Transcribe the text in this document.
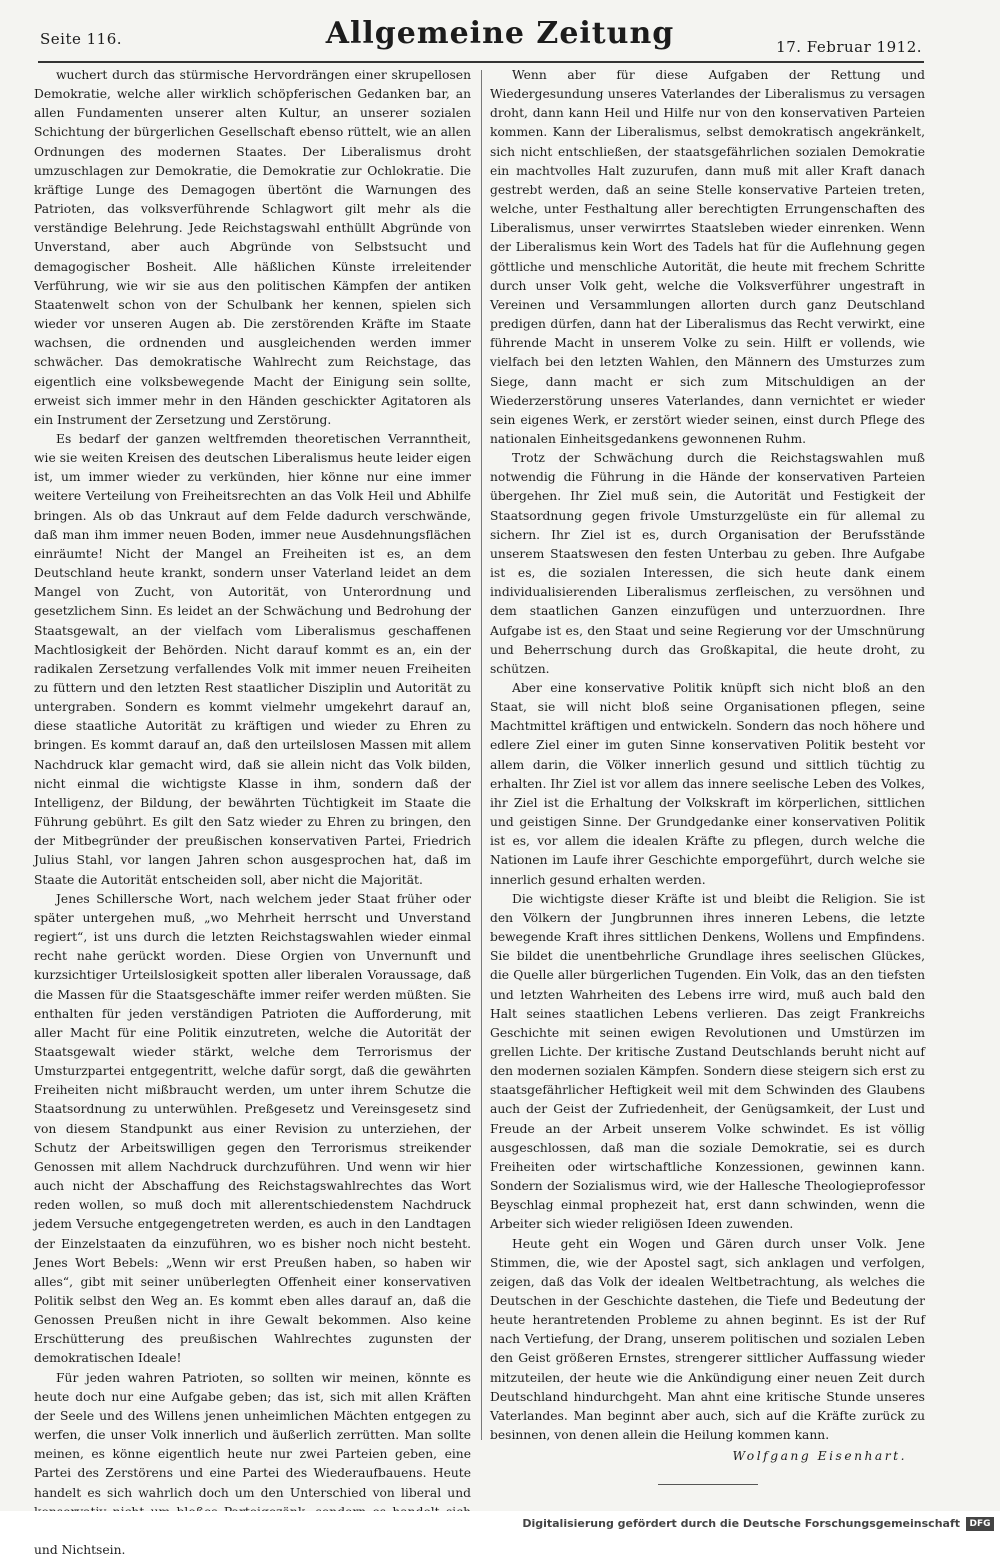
Seite 116.	Allgemeine Zeitung	17. Februar 1912.

wuchert durch das stürmische Hervordrängen einer skrupellosen Demokratie, welche aller wirklich schöpferischen Gedanken bar, an allen Fundamenten unserer alten Kultur, an unserer sozialen Schichtung der bürgerlichen Gesellschaft ebenso rüttelt, wie an allen Ordnungen des modernen Staates. Der Liberalismus droht umzuschlagen zur Demokratie, die Demokratie zur Ochlokratie. Die kräftige Lunge des Demagogen übertönt die Warnungen des Patrioten, das volksverführende Schlagwort gilt mehr als die verständige Belehrung. Jede Reichstagswahl enthüllt Abgründe von Unverstand, aber auch Abgründe von Selbstsucht und demagogischer Bosheit. Alle häßlichen Künste irreleitender Verführung, wie wir sie aus den politischen Kämpfen der antiken Staatenwelt schon von der Schulbank her kennen, spielen sich wieder vor unseren Augen ab. Die zerstörenden Kräfte im Staate wachsen, die ordnenden und ausgleichenden werden immer schwächer. Das demokratische Wahlrecht zum Reichstage, das eigentlich eine volksbewegende Macht der Einigung sein sollte, erweist sich immer mehr in den Händen geschickter Agitatoren als ein Instrument der Zersetzung und Zerstörung.

Es bedarf der ganzen weltfremden theoretischen Verranntheit, wie sie weiten Kreisen des deutschen Liberalismus heute leider eigen ist, um immer wieder zu verkünden, hier könne nur eine immer weitere Verteilung von Freiheitsrechten an das Volk Heil und Abhilfe bringen. Als ob das Unkraut auf dem Felde dadurch verschwände, daß man ihm immer neuen Boden, immer neue Ausdehnungsflächen einräumte! Nicht der Mangel an Freiheiten ist es, an dem Deutschland heute krankt, sondern unser Vaterland leidet an dem Mangel von Zucht, von Autorität, von Unterordnung und gesetzlichem Sinn. Es leidet an der Schwächung und Bedrohung der Staatsgewalt, an der vielfach vom Liberalismus geschaffenen Machtlosigkeit der Behörden. Nicht darauf kommt es an, ein der radikalen Zersetzung verfallendes Volk mit immer neuen Freiheiten zu füttern und den letzten Rest staatlicher Disziplin und Autorität zu untergraben. Sondern es kommt vielmehr umgekehrt darauf an, diese staatliche Autorität zu kräftigen und wieder zu Ehren zu bringen. Es kommt darauf an, daß den urteilslosen Massen mit allem Nachdruck klar gemacht wird, daß sie allein nicht das Volk bilden, nicht einmal die wichtigste Klasse in ihm, sondern daß der Intelligenz, der Bildung, der bewährten Tüchtigkeit im Staate die Führung gebührt. Es gilt den Satz wieder zu Ehren zu bringen, den der Mitbegründer der preußischen konservativen Partei, Friedrich Julius Stahl, vor langen Jahren schon ausgesprochen hat, daß im Staate die Autorität entscheiden soll, aber nicht die Majorität.

Jenes Schillersche Wort, nach welchem jeder Staat früher oder später untergehen muß, „wo Mehrheit herrscht und Unverstand regiert“, ist uns durch die letzten Reichstagswahlen wieder einmal recht nahe gerückt worden. Diese Orgien von Unvernunft und kurzsichtiger Urteilslosigkeit spotten aller liberalen Voraussage, daß die Massen für die Staatsgeschäfte immer reifer werden müßten. Sie enthalten für jeden verständigen Patrioten die Aufforderung, mit aller Macht für eine Politik einzutreten, welche die Autorität der Staatsgewalt wieder stärkt, welche dem Terrorismus der Umsturzpartei entgegentritt, welche dafür sorgt, daß die gewährten Freiheiten nicht mißbraucht werden, um unter ihrem Schutze die Staatsordnung zu unterwühlen. Preßgesetz und Vereinsgesetz sind von diesem Standpunkt aus einer Revision zu unterziehen, der Schutz der Arbeitswilligen gegen den Terrorismus streikender Genossen mit allem Nachdruck durchzuführen. Und wenn wir hier auch nicht der Abschaffung des Reichstagswahlrechtes das Wort reden wollen, so muß doch mit allerentschiedenstem Nachdruck jedem Versuche entgegengetreten werden, es auch in den Landtagen der Einzelstaaten da einzuführen, wo es bisher noch nicht besteht. Jenes Wort Bebels: „Wenn wir erst Preußen haben, so haben wir alles“, gibt mit seiner unüberlegten Offenheit einer konservativen Politik selbst den Weg an. Es kommt eben alles darauf an, daß die Genossen Preußen nicht in ihre Gewalt bekommen. Also keine Erschütterung des preußischen Wahlrechtes zugunsten der demokratischen Ideale!

Für jeden wahren Patrioten, so sollten wir meinen, könnte es heute doch nur eine Aufgabe geben; das ist, sich mit allen Kräften der Seele und des Willens jenen unheimlichen Mächten entgegen zu werfen, die unser Volk innerlich und äußerlich zerrütten. Man sollte meinen, es könne eigentlich heute nur zwei Parteien geben, eine Partei des Zerstörens und eine Partei des Wiederaufbauens. Heute handelt es sich wahrlich doch um den Unterschied von liberal und und Nichtsein.

Wenn aber für diese Aufgaben der Rettung und Wiedergesundung unseres Vaterlandes der Liberalismus zu versagen droht, dann kann Heil und Hilfe nur von den konservativen Parteien kommen. Kann der Liberalismus, selbst demokratisch angekränkelt, sich nicht entschließen, der staatsgefährlichen sozialen Demokratie ein machtvolles Halt zuzurufen, dann muß mit aller Kraft danach gestrebt werden, daß an seine Stelle konservative Parteien treten, welche, unter Festhaltung aller berechtigten Errungenschaften des Liberalismus, unser verwirrtes Staatsleben wieder einrenken. Wenn der Liberalismus kein Wort des Tadels hat für die Auflehnung gegen göttliche und menschliche Autorität, die heute mit frechem Schritte durch unser Volk geht, welche die Volksverführer ungestraft in Vereinen und Versammlungen allorten durch ganz Deutschland predigen dürfen, dann hat der Liberalismus das Recht verwirkt, eine führende Macht in unserem Volke zu sein. Hilft er vollends, wie vielfach bei den letzten Wahlen, den Männern des Umsturzes zum Siege, dann macht er sich zum Mitschuldigen an der Wiederzerstörung unseres Vaterlandes, dann vernichtet er wieder sein eigenes Werk, er zerstört wieder seinen, einst durch Pflege des nationalen Einheitsgedankens gewonnenen Ruhm.

Trotz der Schwächung durch die Reichstagswahlen muß notwendig die Führung in die Hände der konservativen Parteien übergehen. Ihr Ziel muß sein, die Autorität und Festigkeit der Staatsordnung gegen frivole Umsturzgelüste ein für allemal zu sichern. Ihr Ziel ist es, durch Organisation der Berufsstände unserem Staatswesen den festen Unterbau zu geben. Ihre Aufgabe ist es, die sozialen Interessen, die sich heute dank einem individualisierenden Liberalismus zerfleischen, zu versöhnen und dem staatlichen Ganzen einzufügen und unterzuordnen. Ihre Aufgabe ist es, den Staat und seine Regierung vor der Umschnürung und Beherrschung durch das Großkapital, die heute droht, zu schützen.

Aber eine konservative Politik knüpft sich nicht bloß an den Staat, sie will nicht bloß seine Organisationen pflegen, seine Machtmittel kräftigen und entwickeln. Sondern das noch höhere und edlere Ziel einer im guten Sinne konservativen Politik besteht vor allem darin, die Völker innerlich gesund und sittlich tüchtig zu erhalten. Ihr Ziel ist vor allem das innere seelische Leben des Volkes, ihr Ziel ist die Erhaltung der Volkskraft im körperlichen, sittlichen und geistigen Sinne. Der Grundgedanke einer konservativen Politik ist es, vor allem die idealen Kräfte zu pflegen, durch welche die Nationen im Laufe ihrer Geschichte emporgeführt, durch welche sie innerlich gesund erhalten werden.

Die wichtigste dieser Kräfte ist und bleibt die Religion. Sie ist den Völkern der Jungbrunnen ihres inneren Lebens, die letzte bewegende Kraft ihres sittlichen Denkens, Wollens und Empfindens. Sie bildet die unentbehrliche Grundlage ihres seelischen Glückes, die Quelle aller bürgerlichen Tugenden. Ein Volk, das an den tiefsten und letzten Wahrheiten des Lebens irre wird, muß auch bald den Halt seines staatlichen Lebens verlieren. Das zeigt Frankreichs Geschichte mit seinen ewigen Revolutionen und Umstürzen im grellen Lichte. Der kritische Zustand Deutschlands beruht nicht auf den modernen sozialen Kämpfen. Sondern diese steigern sich erst zu staatsgefährlicher Heftigkeit weil mit dem Schwinden des Glaubens auch der Geist der Zufriedenheit, der Genügsamkeit, der Lust und Freude an der Arbeit unserem Volke schwindet. Es ist völlig ausgeschlossen, daß man die soziale Demokratie, sei es durch Freiheiten oder wirtschaftliche Konzessionen, gewinnen kann. Sondern der Sozialismus wird, wie der Hallesche Theologieprofessor Beyschlag einmal prophezeit hat, erst dann schwinden, wenn die Arbeiter sich wieder religiösen Ideen zuwenden.

Heute geht ein Wogen und Gären durch unser Volk. Jene Stimmen, die, wie der Apostel sagt, sich anklagen und verfolgen, zeigen, daß das Volk der idealen Weltbetrachtung, als welches die Deutschen in der Geschichte dastehen, die Tiefe und Bedeutung der heute herantretenden Probleme zu ahnen beginnt. Es ist der Ruf nach Vertiefung, der Drang, unserem politischen und sozialen Leben den Geist größeren Ernstes, strengerer sittlicher Auffassung wieder mitzuteilen, der heute wie die Ankündigung einer neuen Zeit durch Deutschland hindurchgeht. Man ahnt eine kritische Stunde unseres Vaterlandes. Man beginnt aber auch, sich auf die Kräfte zurück zu besinnen, von denen allein die Heilung kommen kann.

Wolfgang Eisenhart.

Digitalisierung gefördert durch die Deutsche Forschungsgemeinschaft	DFG
